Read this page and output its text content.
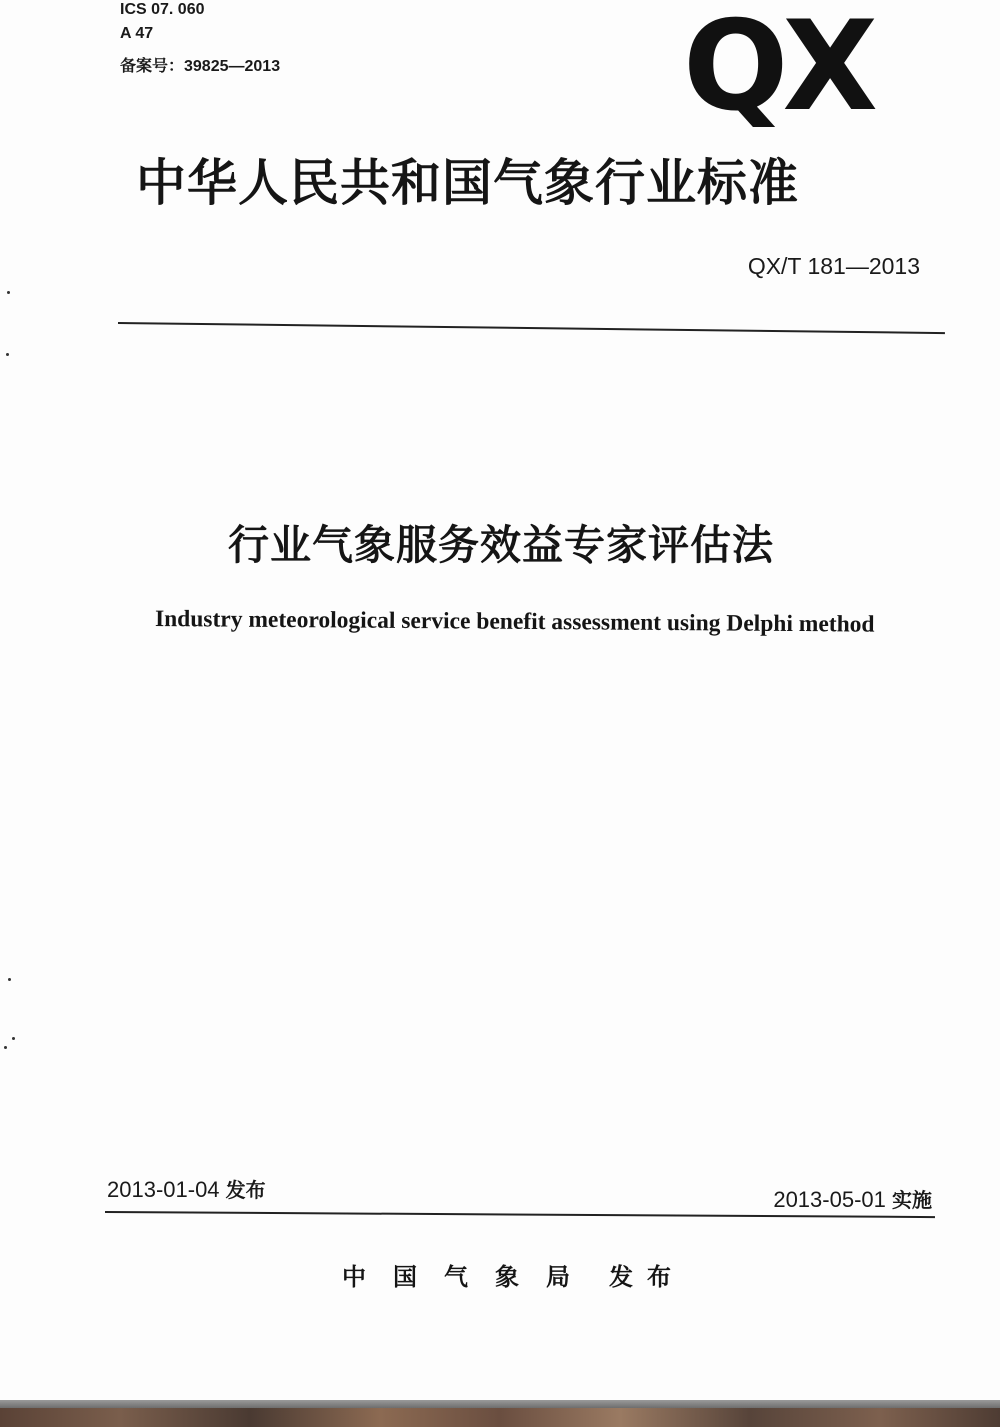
ICS 07. 060
A 47
备案号：39825—2013	QX
中华人民共和国气象行业标准
QX/T 181—2013
行业气象服务效益专家评估法
Industry meteorological service benefit assessment using Delphi method
2013-01-04 发布	2013-05-01 实施
中国气象局 发布
